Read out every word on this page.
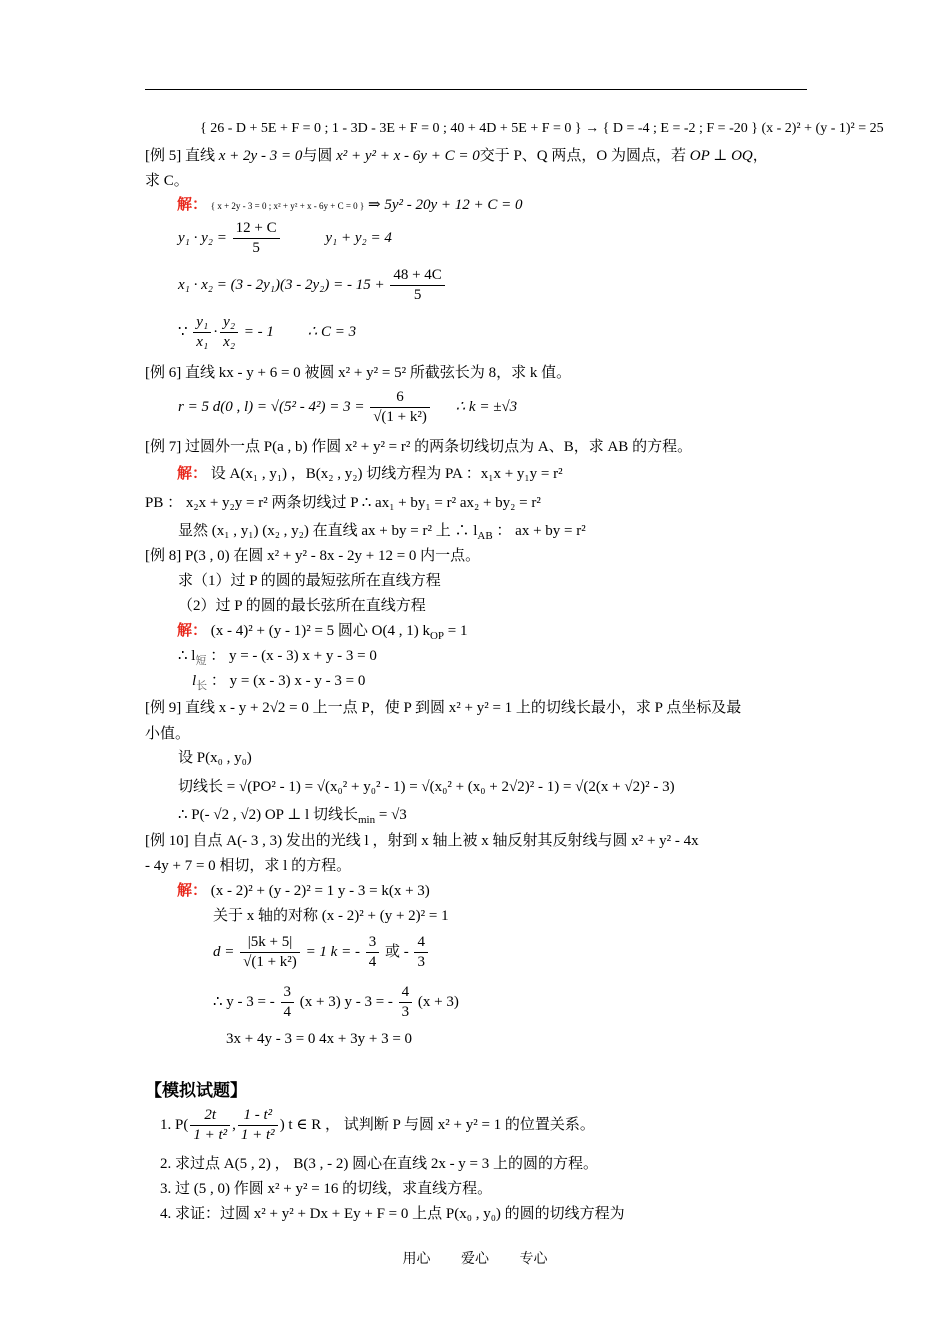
{ 26 - D + 5E + F = 0 ; 1 - 3D - 3E + F = 0 ; 40 + 4D + 5E + F = 0 } → { D = -4 ; E = -2 ; F = -20 } (x - 2)² + (y - 1)² = 25
[例 5] 直线 x + 2y - 3 = 0与圆 x² + y² + x - 6y + C = 0交于 P、Q 两点，O 为圆点，若 OP ⊥ OQ，
求 C。
解： { x + 2y - 3 = 0 ; x² + y² + x - 6y + C = 0 } ⇒ 5y² - 20y + 12 + C = 0
$y_1 \cdot y_2 = \frac{12 + C}{5}$	y₁ + y₂ = 4
x₁ · x₂ = (3 - 2y₁)(3 - 2y₂) = - $15 + \frac{48 + 4C}{5}$
∵ $\frac{\text{y₁}}{\text{x₁}} \cdot \frac{\text{y₂}}{\text{x₂}}$ = - 1 ∴ C = 3
[例 6] 直线 kx - y + 6 = 0 被圆 x² + y² = 5² 所截弦长为 8，求 k 值。
r = 5 d(0 , $l) = √(5^2 - 4^2) = 3 = \frac{6}{\text{√(1 + k²)}}$ ∴ k = ±√3
[例 7] 过圆外一点 P(a , b) 作圆 x² + y² = r² 的两条切线切点为 A、B，求 AB 的方程。
解： 设 A(x₁ , y₁) ，B(x₂ , y₂) 切线方程为 PA ：x₁x + y₁y = r²
PB ： x₂x + y₂y = r² 两条切线过 P ∴ ax₁ + by₁ = r² ax₂ + by₂ = r²
显然 (x₁ , y₁) (x₂ , y₂) 在直线 ax + by = r² 上 ∴ $l_{AB}$ ： ax + by = r²
[例 8] P(3 , 0) 在圆 x² + y² - 8x - 2y + 12 = 0 内一点。
求（1）过 P 的圆的最短弦所在直线方程
（2）过 P 的圆的最长弦所在直线方程
解： (x - 4)² + (y - 1)² = 5 圆心 O(4 , 1) $k_{OP} = 1$
∴ $l_短$ ： y = - (x - 3) x + y - 3 = 0
$l_长$ ： y = (x - 3) x - y - 3 = 0
[例 9] 直线 x - y + 2√2 = 0 上一点 P，使 P 到圆 x² + y² = 1 上的切线长最小，求 P 点坐标及最
小值。
设 P(x₀ , y₀)
切线长 = √(PO² - 1) = √(x₀² + y₀² - 1) = √(x₀² + (x₀ + 2√2)² - 1) = √(2(x + √2)² - 3)
∴ P(- √2 , √2) OP ⊥ l 切线长$_{min}$ = √3
[例 10] 自点 A(- 3 , 3) 发出的光线 l ，射到 x 轴上被 x 轴反射其反射线与圆 x² + y² - 4x
- 4y + 7 = 0 相切，求 l 的方程。
解： (x - 2)² + (y - 2)² = 1 y - 3 = k(x + 3)
关于 x 轴的对称 (x - 2)² + (y + 2)² = 1
$d = \frac{|5k + 5|}{\text{√(1 + k²)}} = 1$ k = - $\frac{3}{4}$ 或 - $\frac{4}{3}$
∴ y - 3 = - $\frac{3}{4} (x + 3)$ y - 3 = - $\frac{4}{3} (x + 3)$
3x + 4y - 3 = 0 4x + 3y + 3 = 0
【模拟试题】
1. $P( \frac{2t}{\text{1 + t²}}$ , $\frac{\text{1 - t²}}{\text{1 + t²}}$ ) t ∈ R ， 试判断 P 与圆 x² + y² = 1 的位置关系。
2. 求过点 A(5 , 2) ， B(3 , - 2) 圆心在直线 2x - y = 3 上的圆的方程。
3. 过 (5 , 0) 作圆 x² + y² = 16 的切线，求直线方程。
4. 求证：过圆 x² + y² + Dx + Ey + F = 0 上点 P(x₀ , y₀) 的圆的切线方程为
用心 爱心 专心
